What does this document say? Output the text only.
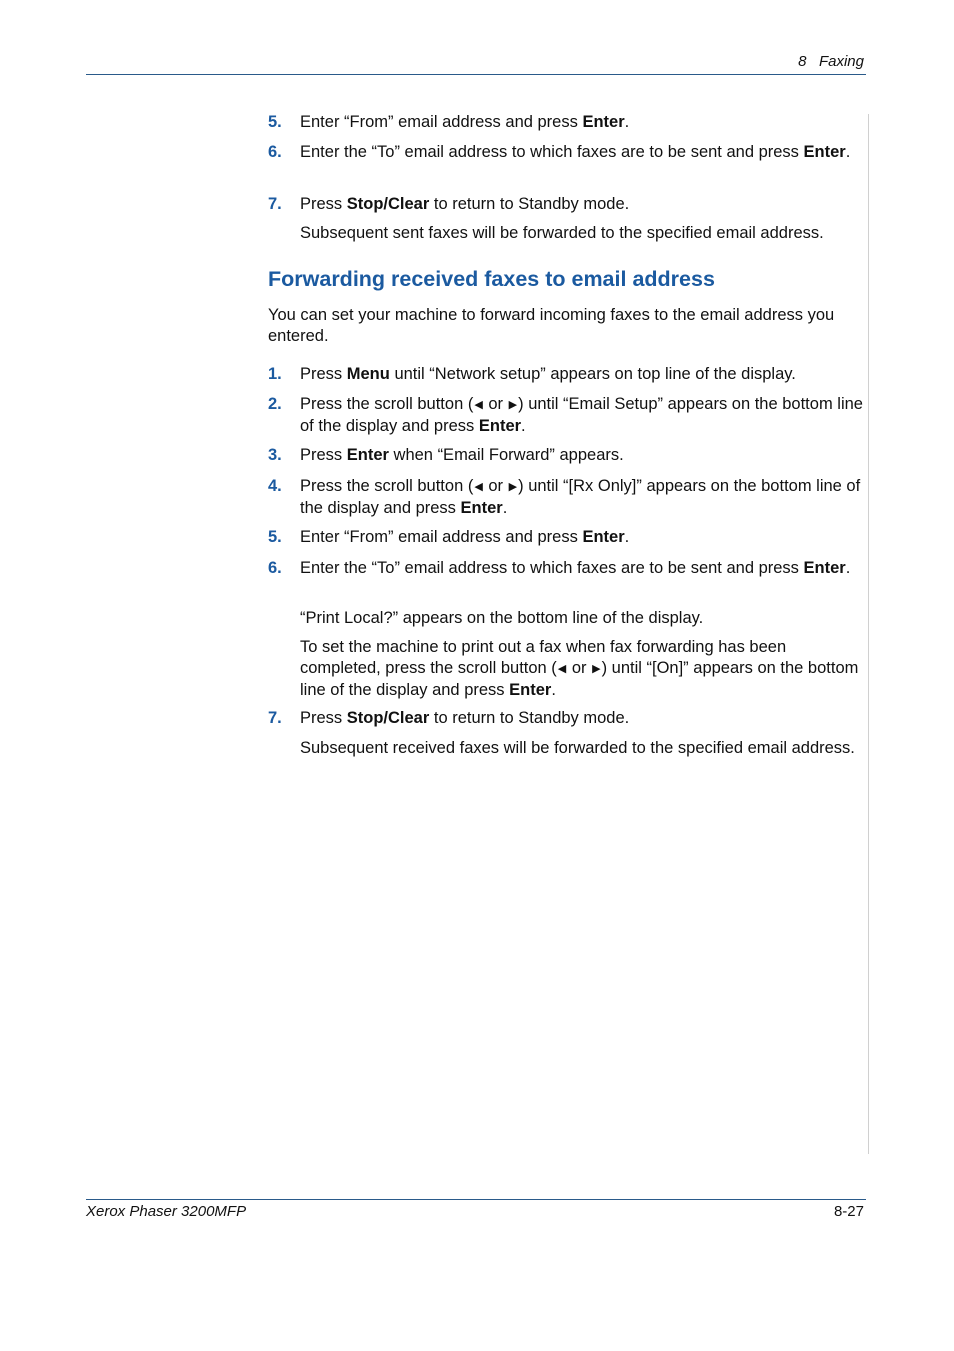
8 Faxing
5. Enter “From” email address and press Enter.
6. Enter the “To” email address to which faxes are to be sent and press Enter.
7. Press Stop/Clear to return to Standby mode.
Subsequent sent faxes will be forwarded to the specified email address.
Forwarding received faxes to email address
You can set your machine to forward incoming faxes to the email address you entered.
1. Press Menu until “Network setup” appears on top line of the display.
2. Press the scroll button (◀ or ▶) until “Email Setup” appears on the bottom line of the display and press Enter.
3. Press Enter when “Email Forward” appears.
4. Press the scroll button (◀ or ▶) until “[Rx Only]” appears on the bottom line of the display and press Enter.
5. Enter “From” email address and press Enter.
6. Enter the “To” email address to which faxes are to be sent and press Enter.
“Print Local?” appears on the bottom line of the display.
To set the machine to print out a fax when fax forwarding has been completed, press the scroll button (◀ or ▶) until “[On]” appears on the bottom line of the display and press Enter.
7. Press Stop/Clear to return to Standby mode.
Subsequent received faxes will be forwarded to the specified email address.
Xerox Phaser 3200MFP	8-27
